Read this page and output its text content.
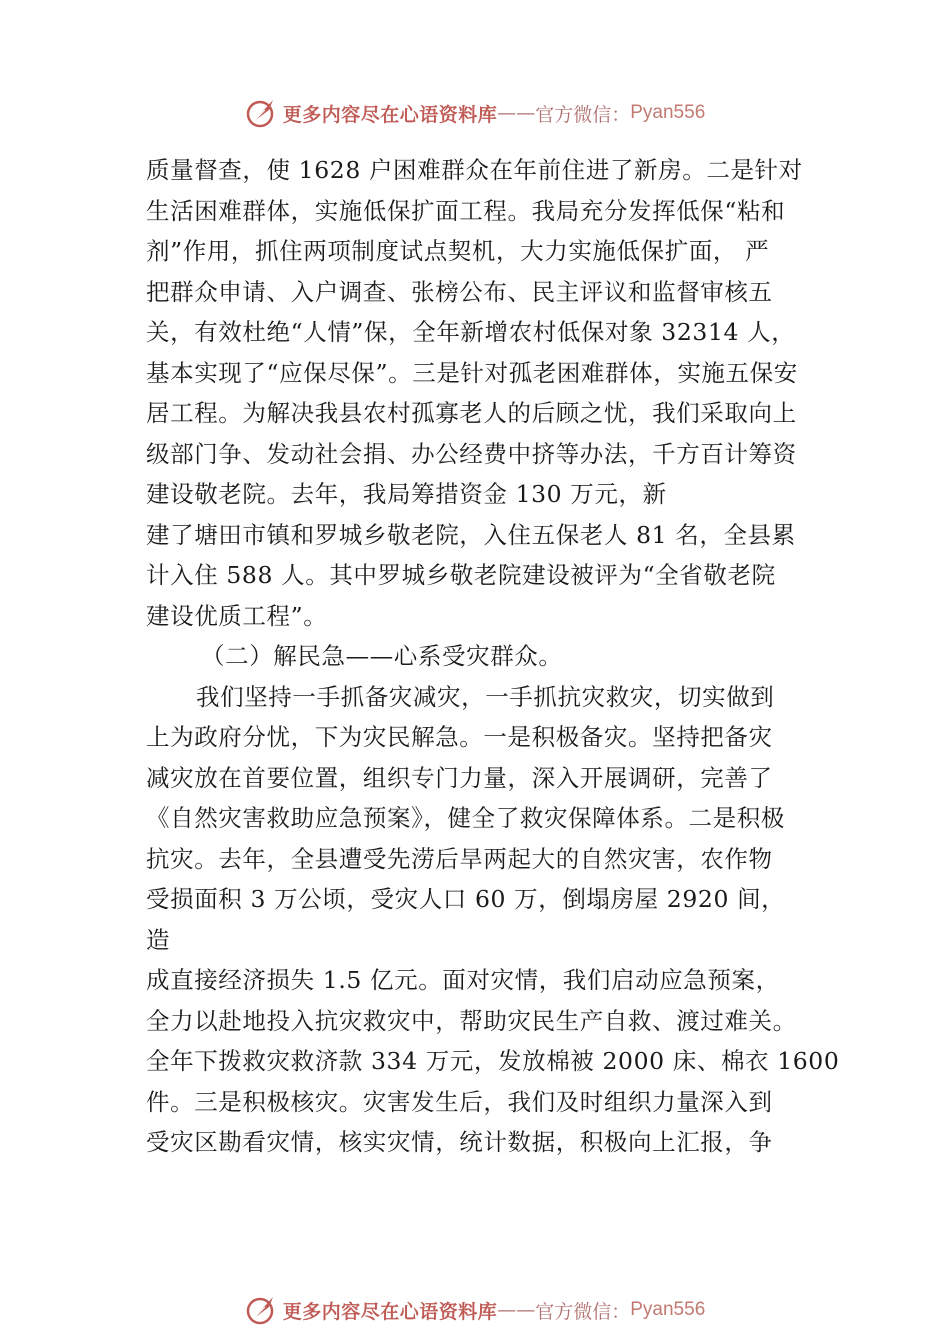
更多内容尽在心语资料库 —— 官方微信： Pyan556
质量督查，使 1628 户困难群众在年前住进了新房。二是针对
生活困难群体，实施低保扩面工程。我局充分发挥低保“粘和
剂”作用，抓住两项制度试点契机，大力实施低保扩面， 严
把群众申请、入户调查、张榜公布、民主评议和监督审核五
关，有效杜绝“人情”保，全年新增农村低保对象 32314 人，
基本实现了“应保尽保”。三是针对孤老困难群体，实施五保安
居工程。为解决我县农村孤寡老人的后顾之忧，我们采取向上
级部门争、发动社会捐、办公经费中挤等办法，千方百计筹资
建设敬老院。去年，我局筹措资金 130 万元，新
建了塘田市镇和罗城乡敬老院，入住五保老人 81 名，全县累
计入住 588 人。其中罗城乡敬老院建设被评为“全省敬老院
建设优质工程”。
（二）解民急——心系受灾群众。
我们坚持一手抓备灾减灾，一手抓抗灾救灾，切实做到
上为政府分忧，下为灾民解急。一是积极备灾。坚持把备灾
减灾放在首要位置，组织专门力量，深入开展调研，完善了
《自然灾害救助应急预案》，健全了救灾保障体系。二是积极
抗灾。去年，全县遭受先涝后旱两起大的自然灾害，农作物
受损面积 3 万公顷，受灾人口 60 万，倒塌房屋 2920 间，
造
成直接经济损失 1.5 亿元。面对灾情，我们启动应急预案，
全力以赴地投入抗灾救灾中，帮助灾民生产自救、渡过难关。
全年下拨救灾救济款 334 万元，发放棉被 2000 床、棉衣 1600
件。三是积极核灾。灾害发生后，我们及时组织力量深入到
受灾区勘看灾情，核实灾情，统计数据，积极向上汇报，争
更多内容尽在心语资料库 —— 官方微信： Pyan556
